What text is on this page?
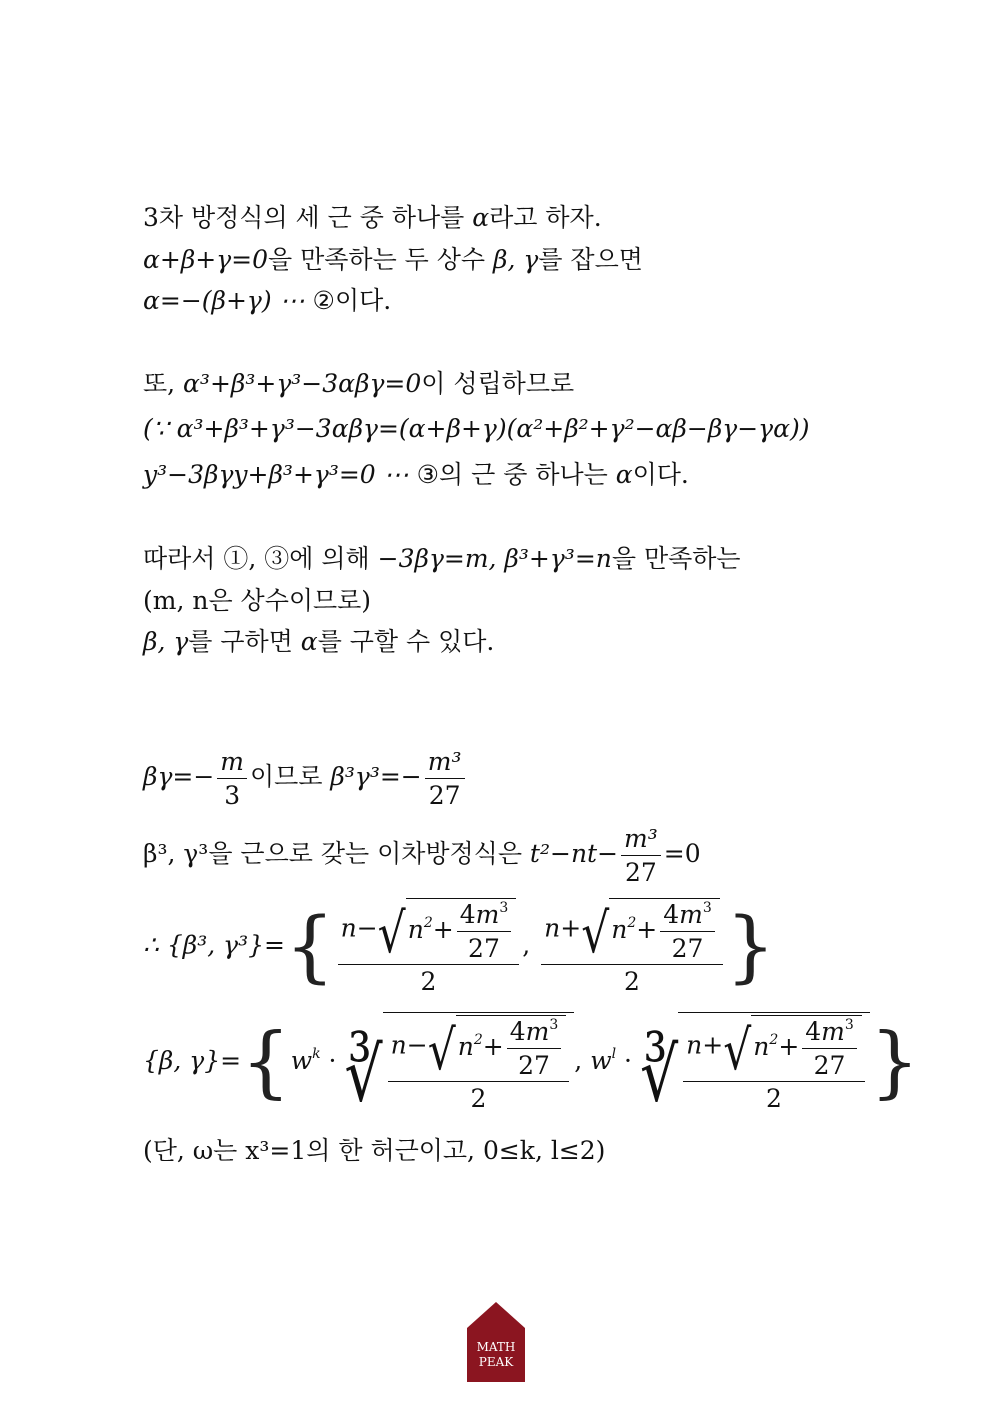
3차 방정식의 세 근 중 하나를 α라고 하자.
α+β+γ=0을 만족하는 두 상수 β, γ를 잡으면
α=−(β+γ) ⋯ ②이다.
또, α³+β³+γ³−3αβγ=0이 성립하므로
(∵ α³+β³+γ³−3αβγ=(α+β+γ)(α²+β²+γ²−αβ−βγ−γα))
y³−3βγy+β³+γ³=0 ⋯ ③의 근 중 하나는 α이다.
따라서 ①, ③에 의해 −3βγ=m, β³+γ³=n을 만족하는
(m, n은 상수이므로)
β, γ를 구하면 α를 구할 수 있다.
$\beta\gamma=- \frac{m}{3}$ 이므로 $\beta^3\gamma^3=- \frac{\text{m³}}{27}$
β³, γ³을 근으로 갖는 이차방정식은 $t^2-nt- \frac{\text{m³}}{27} =0$
∴ {β³, $\gamma^3\}=\{ \frac{n- √ n^2+ \frac{4m^3}{27}}{2}$ , $\frac{n+ √ n^2+ \frac{4m^3}{27}}{2}$ }
{β, $\gamma\}=\{w^k$ · ∛ $\frac{n- √ n^2+ \frac{4m^3}{27}}{2}$ , $w^l$ · ∛ $\frac{n+ √ n^2+ \frac{4m^3}{27}}{2}$ }
(단, ω는 x³=1의 한 허근이고, 0≤k, l≤2)
MATH
PEAK
